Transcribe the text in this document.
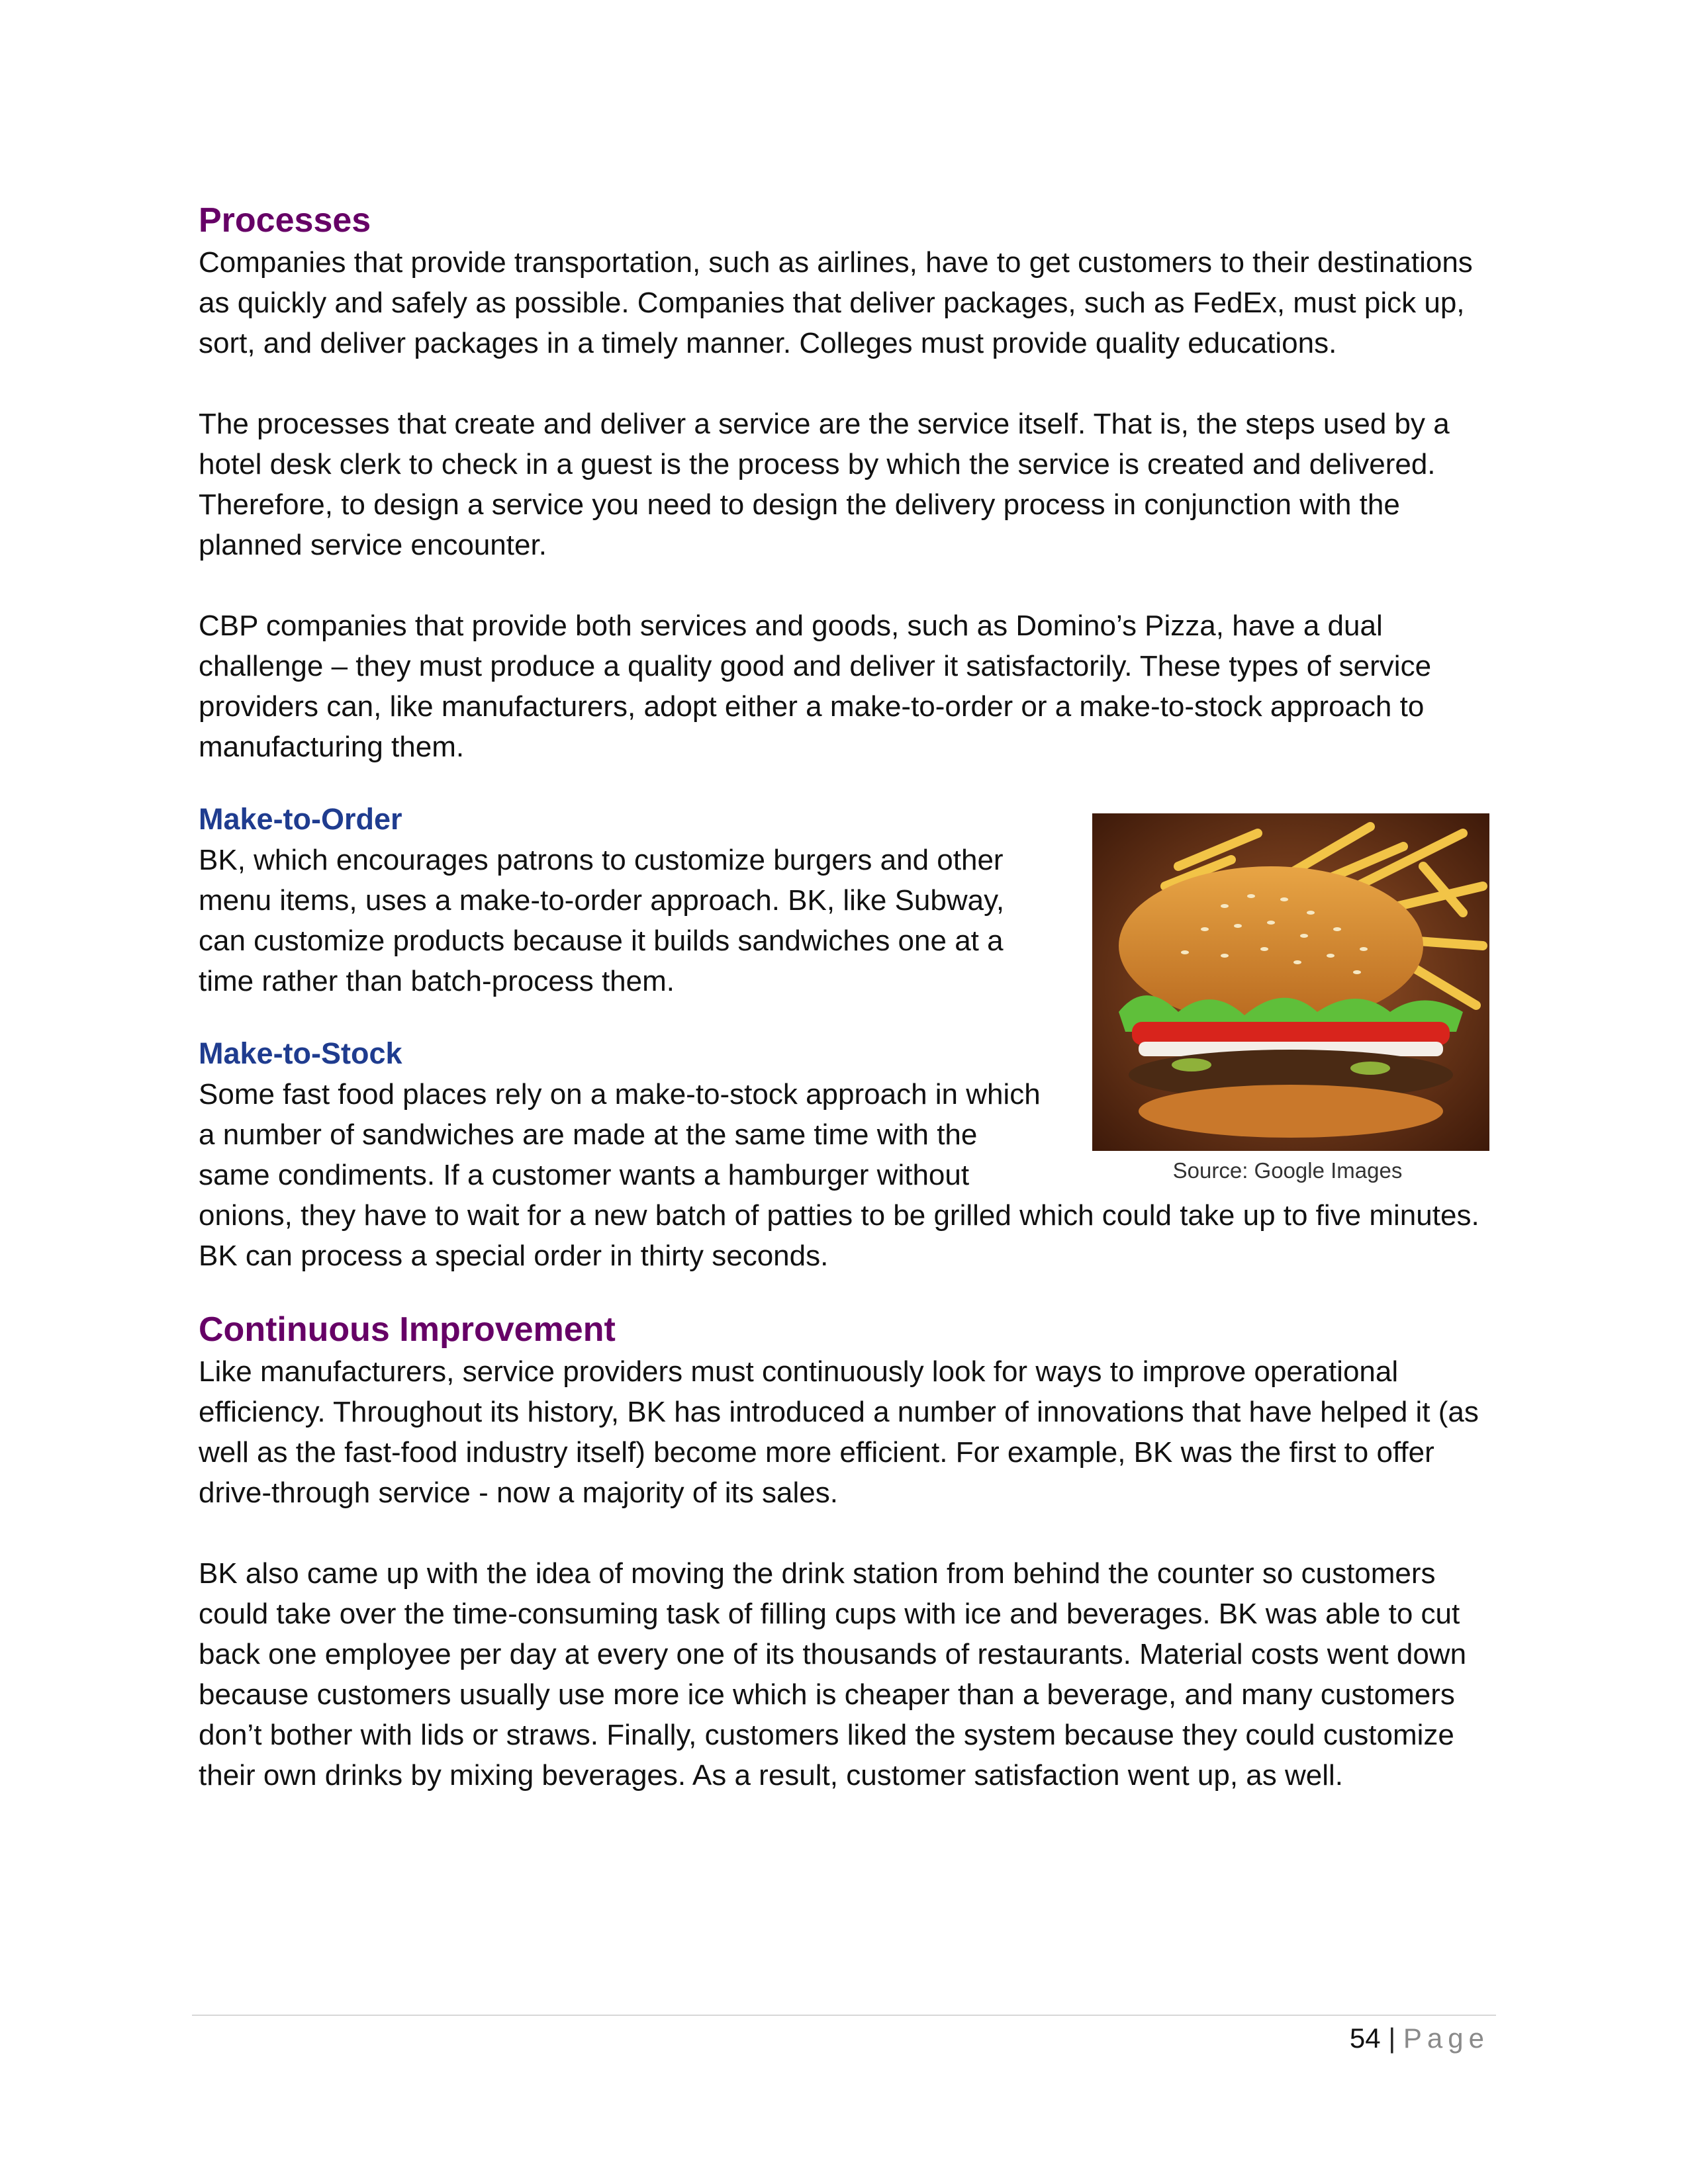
Processes

Companies that provide transportation, such as airlines, have to get customers to their destinations as quickly and safely as possible. Companies that deliver packages, such as FedEx, must pick up, sort, and deliver packages in a timely manner. Colleges must provide quality educations.

The processes that create and deliver a service are the service itself. That is, the steps used by a hotel desk clerk to check in a guest is the process by which the service is created and delivered. Therefore, to design a service you need to design the delivery process in conjunction with the planned service encounter.

CBP companies that provide both services and goods, such as Domino’s Pizza, have a dual challenge – they must produce a quality good and deliver it satisfactorily. These types of service providers can, like manufacturers, adopt either a make-to-order or a make-to-stock approach to manufacturing them.

Source: Google Images
Make-to-Order

BK, which encourages patrons to customize burgers and other menu items, uses a make-to-order approach. BK, like Subway, can customize products because it builds sandwiches one at a time rather than batch-process them.

Make-to-Stock

Some fast food places rely on a make-to-stock approach in which a number of sandwiches are made at the same time with the same condiments. If a customer wants a hamburger without onions, they have to wait for a new batch of patties to be grilled which could take up to five minutes. BK can process a special order in thirty seconds.

Continuous Improvement

Like manufacturers, service providers must continuously look for ways to improve operational efficiency. Throughout its history, BK has introduced a number of innovations that have helped it (as well as the fast-food industry itself) become more efficient. For example, BK was the first to offer drive-through service - now a majority of its sales.

BK also came up with the idea of moving the drink station from behind the counter so customers could take over the time-consuming task of filling cups with ice and beverages. BK was able to cut back one employee per day at every one of its thousands of restaurants. Material costs went down because customers usually use more ice which is cheaper than a beverage, and many customers don’t bother with lids or straws. Finally, customers liked the system because they could customize their own drinks by mixing beverages. As a result, customer satisfaction went up, as well.

54 | Page
